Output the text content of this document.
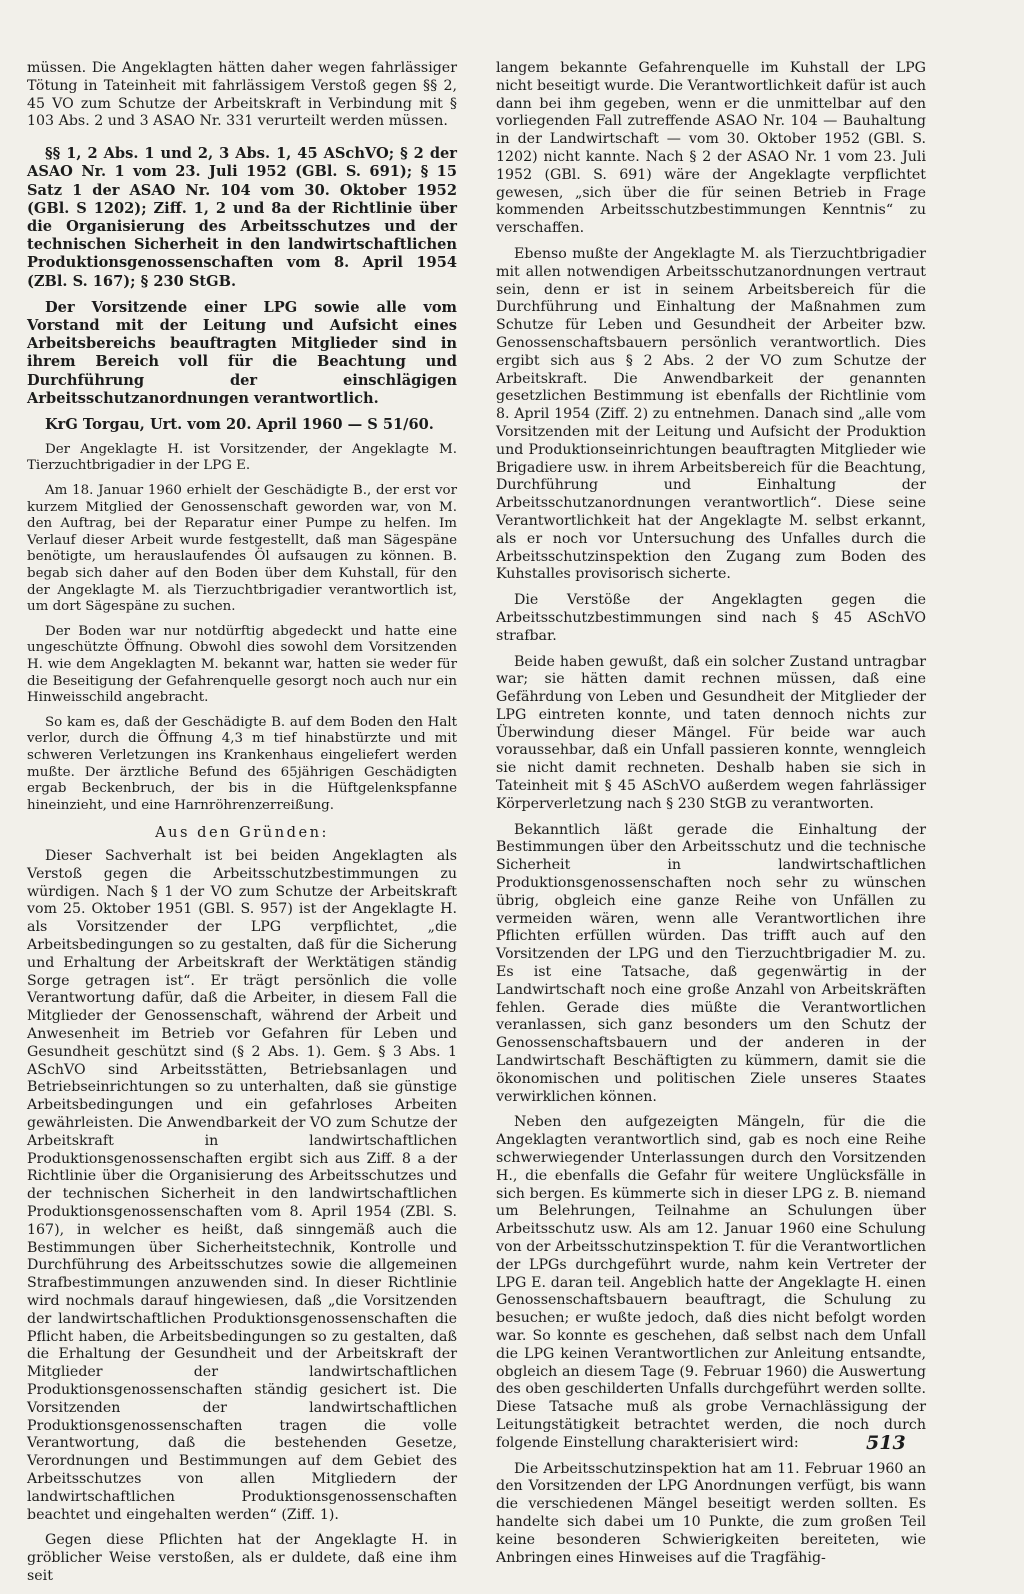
müssen. Die Angeklagten hätten daher wegen fahrlässiger Tötung in Tateinheit mit fahrlässigem Verstoß gegen §§ 2, 45 VO zum Schutze der Arbeitskraft in Verbindung mit § 103 Abs. 2 und 3 ASAO Nr. 331 verurteilt werden müssen.

§§ 1, 2 Abs. 1 und 2, 3 Abs. 1, 45 ASchVO; § 2 der ASAO Nr. 1 vom 23. Juli 1952 (GBl. S. 691); § 15 Satz 1 der ASAO Nr. 104 vom 30. Oktober 1952 (GBl. S 1202); Ziff. 1, 2 und 8a der Richtlinie über die Organisierung des Arbeitsschutzes und der technischen Sicherheit in den landwirtschaftlichen Produktionsgenossenschaften vom 8. April 1954 (ZBl. S. 167); § 230 StGB.

Der Vorsitzende einer LPG sowie alle vom Vorstand mit der Leitung und Aufsicht eines Arbeitsbereichs beauftragten Mitglieder sind in ihrem Bereich voll für die Beachtung und Durchführung der einschlägigen Arbeitsschutzanordnungen verantwortlich.

KrG Torgau, Urt. vom 20. April 1960 — S 51/60.

Der Angeklagte H. ist Vorsitzender, der Angeklagte M. Tierzuchtbrigadier in der LPG E.

Am 18. Januar 1960 erhielt der Geschädigte B., der erst vor kurzem Mitglied der Genossenschaft geworden war, von M. den Auftrag, bei der Reparatur einer Pumpe zu helfen. Im Verlauf dieser Arbeit wurde festgestellt, daß man Sägespäne benötigte, um herauslaufendes Öl aufsaugen zu können. B. begab sich daher auf den Boden über dem Kuhstall, für den der Angeklagte M. als Tierzuchtbrigadier verantwortlich ist, um dort Sägespäne zu suchen.

Der Boden war nur notdürftig abgedeckt und hatte eine ungeschützte Öffnung. Obwohl dies sowohl dem Vorsitzenden H. wie dem Angeklagten M. bekannt war, hatten sie weder für die Beseitigung der Gefahrenquelle gesorgt noch auch nur ein Hinweisschild angebracht.

So kam es, daß der Geschädigte B. auf dem Boden den Halt verlor, durch die Öffnung 4,3 m tief hinabstürzte und mit schweren Verletzungen ins Krankenhaus eingeliefert werden mußte. Der ärztliche Befund des 65jährigen Geschädigten ergab Beckenbruch, der bis in die Hüftgelenkspfanne hineinzieht, und eine Harnröhrenzerreißung.

Aus den Gründen:

Dieser Sachverhalt ist bei beiden Angeklagten als Verstoß gegen die Arbeitsschutzbestimmungen zu würdigen. Nach § 1 der VO zum Schutze der Arbeitskraft vom 25. Oktober 1951 (GBl. S. 957) ist der Angeklagte H. als Vorsitzender der LPG verpflichtet, „die Arbeitsbedingungen so zu gestalten, daß für die Sicherung und Erhaltung der Arbeitskraft der Werktätigen ständig Sorge getragen ist“. Er trägt persönlich die volle Verantwortung dafür, daß die Arbeiter, in diesem Fall die Mitglieder der Genossenschaft, während der Arbeit und Anwesenheit im Betrieb vor Gefahren für Leben und Gesundheit geschützt sind (§ 2 Abs. 1). Gem. § 3 Abs. 1 ASchVO sind Arbeitsstätten, Betriebsanlagen und Betriebseinrichtungen so zu unterhalten, daß sie günstige Arbeitsbedingungen und ein gefahrloses Arbeiten gewährleisten. Die Anwendbarkeit der VO zum Schutze der Arbeitskraft in landwirtschaftlichen Produktionsgenossenschaften ergibt sich aus Ziff. 8 a der Richtlinie über die Organisierung des Arbeitsschutzes und der technischen Sicherheit in den landwirtschaftlichen Produktionsgenossenschaften vom 8. April 1954 (ZBl. S. 167), in welcher es heißt, daß sinngemäß auch die Bestimmungen über Sicherheitstechnik, Kontrolle und Durchführung des Arbeitsschutzes sowie die allgemeinen Strafbestimmungen anzuwenden sind. In dieser Richtlinie wird nochmals darauf hingewiesen, daß „die Vorsitzenden der landwirtschaftlichen Produktionsgenossenschaften die Pflicht haben, die Arbeitsbedingungen so zu gestalten, daß die Erhaltung der Gesundheit und der Arbeitskraft der Mitglieder der landwirtschaftlichen Produktionsgenossenschaften ständig gesichert ist. Die Vorsitzenden der landwirtschaftlichen Produktionsgenossenschaften tragen die volle Verantwortung, daß die bestehenden Gesetze, Verordnungen und Bestimmungen auf dem Gebiet des Arbeitsschutzes von allen Mitgliedern der landwirtschaftlichen Produktionsgenossenschaften beachtet und eingehalten werden“ (Ziff. 1).

Gegen diese Pflichten hat der Angeklagte H. in gröblicher Weise verstoßen, als er duldete, daß eine ihm seit

langem bekannte Gefahrenquelle im Kuhstall der LPG nicht beseitigt wurde. Die Verantwortlichkeit dafür ist auch dann bei ihm gegeben, wenn er die unmittelbar auf den vorliegenden Fall zutreffende ASAO Nr. 104 — Bauhaltung in der Landwirtschaft — vom 30. Oktober 1952 (GBl. S. 1202) nicht kannte. Nach § 2 der ASAO Nr. 1 vom 23. Juli 1952 (GBl. S. 691) wäre der Angeklagte verpflichtet gewesen, „sich über die für seinen Betrieb in Frage kommenden Arbeitsschutzbestimmungen Kenntnis“ zu verschaffen.

Ebenso mußte der Angeklagte M. als Tierzuchtbrigadier mit allen notwendigen Arbeitsschutzanordnungen vertraut sein, denn er ist in seinem Arbeitsbereich für die Durchführung und Einhaltung der Maßnahmen zum Schutze für Leben und Gesundheit der Arbeiter bzw. Genossenschaftsbauern persönlich verantwortlich. Dies ergibt sich aus § 2 Abs. 2 der VO zum Schutze der Arbeitskraft. Die Anwendbarkeit der genannten gesetzlichen Bestimmung ist ebenfalls der Richtlinie vom 8. April 1954 (Ziff. 2) zu entnehmen. Danach sind „alle vom Vorsitzenden mit der Leitung und Aufsicht der Produktion und Produktionseinrichtungen beauftragten Mitglieder wie Brigadiere usw. in ihrem Arbeitsbereich für die Beachtung, Durchführung und Einhaltung der Arbeitsschutzanordnungen verantwortlich“. Diese seine Verantwortlichkeit hat der Angeklagte M. selbst erkannt, als er noch vor Untersuchung des Unfalles durch die Arbeitsschutzinspektion den Zugang zum Boden des Kuhstalles provisorisch sicherte.

Die Verstöße der Angeklagten gegen die Arbeitsschutzbestimmungen sind nach § 45 ASchVO strafbar.

Beide haben gewußt, daß ein solcher Zustand untragbar war; sie hätten damit rechnen müssen, daß eine Gefährdung von Leben und Gesundheit der Mitglieder der LPG eintreten konnte, und taten dennoch nichts zur Überwindung dieser Mängel. Für beide war auch voraussehbar, daß ein Unfall passieren konnte, wenngleich sie nicht damit rechneten. Deshalb haben sie sich in Tateinheit mit § 45 ASchVO außerdem wegen fahrlässiger Körperverletzung nach § 230 StGB zu verantworten.

Bekanntlich läßt gerade die Einhaltung der Bestimmungen über den Arbeitsschutz und die technische Sicherheit in landwirtschaftlichen Produktionsgenossenschaften noch sehr zu wünschen übrig, obgleich eine ganze Reihe von Unfällen zu vermeiden wären, wenn alle Verantwortlichen ihre Pflichten erfüllen würden. Das trifft auch auf den Vorsitzenden der LPG und den Tierzuchtbrigadier M. zu. Es ist eine Tatsache, daß gegenwärtig in der Landwirtschaft noch eine große Anzahl von Arbeitskräften fehlen. Gerade dies müßte die Verantwortlichen veranlassen, sich ganz besonders um den Schutz der Genossenschaftsbauern und der anderen in der Landwirtschaft Beschäftigten zu kümmern, damit sie die ökonomischen und politischen Ziele unseres Staates verwirklichen können.

Neben den aufgezeigten Mängeln, für die die Angeklagten verantwortlich sind, gab es noch eine Reihe schwerwiegender Unterlassungen durch den Vorsitzenden H., die ebenfalls die Gefahr für weitere Unglücksfälle in sich bergen. Es kümmerte sich in dieser LPG z. B. niemand um Belehrungen, Teilnahme an Schulungen über Arbeitsschutz usw. Als am 12. Januar 1960 eine Schulung von der Arbeitsschutzinspektion T. für die Verantwortlichen der LPGs durchgeführt wurde, nahm kein Vertreter der LPG E. daran teil. Angeblich hatte der Angeklagte H. einen Genossenschaftsbauern beauftragt, die Schulung zu besuchen; er wußte jedoch, daß dies nicht befolgt worden war. So konnte es geschehen, daß selbst nach dem Unfall die LPG keinen Verantwortlichen zur Anleitung entsandte, obgleich an diesem Tage (9. Februar 1960) die Auswertung des oben geschilderten Unfalls durchgeführt werden sollte. Diese Tatsache muß als grobe Vernachlässigung der Leitungstätigkeit betrachtet werden, die noch durch folgende Einstellung charakterisiert wird:

Die Arbeitsschutzinspektion hat am 11. Februar 1960 an den Vorsitzenden der LPG Anordnungen verfügt, bis wann die verschiedenen Mängel beseitigt werden sollten. Es handelte sich dabei um 10 Punkte, die zum großen Teil keine besonderen Schwierigkeiten bereiteten, wie Anbringen eines Hinweises auf die Tragfähig-

513
